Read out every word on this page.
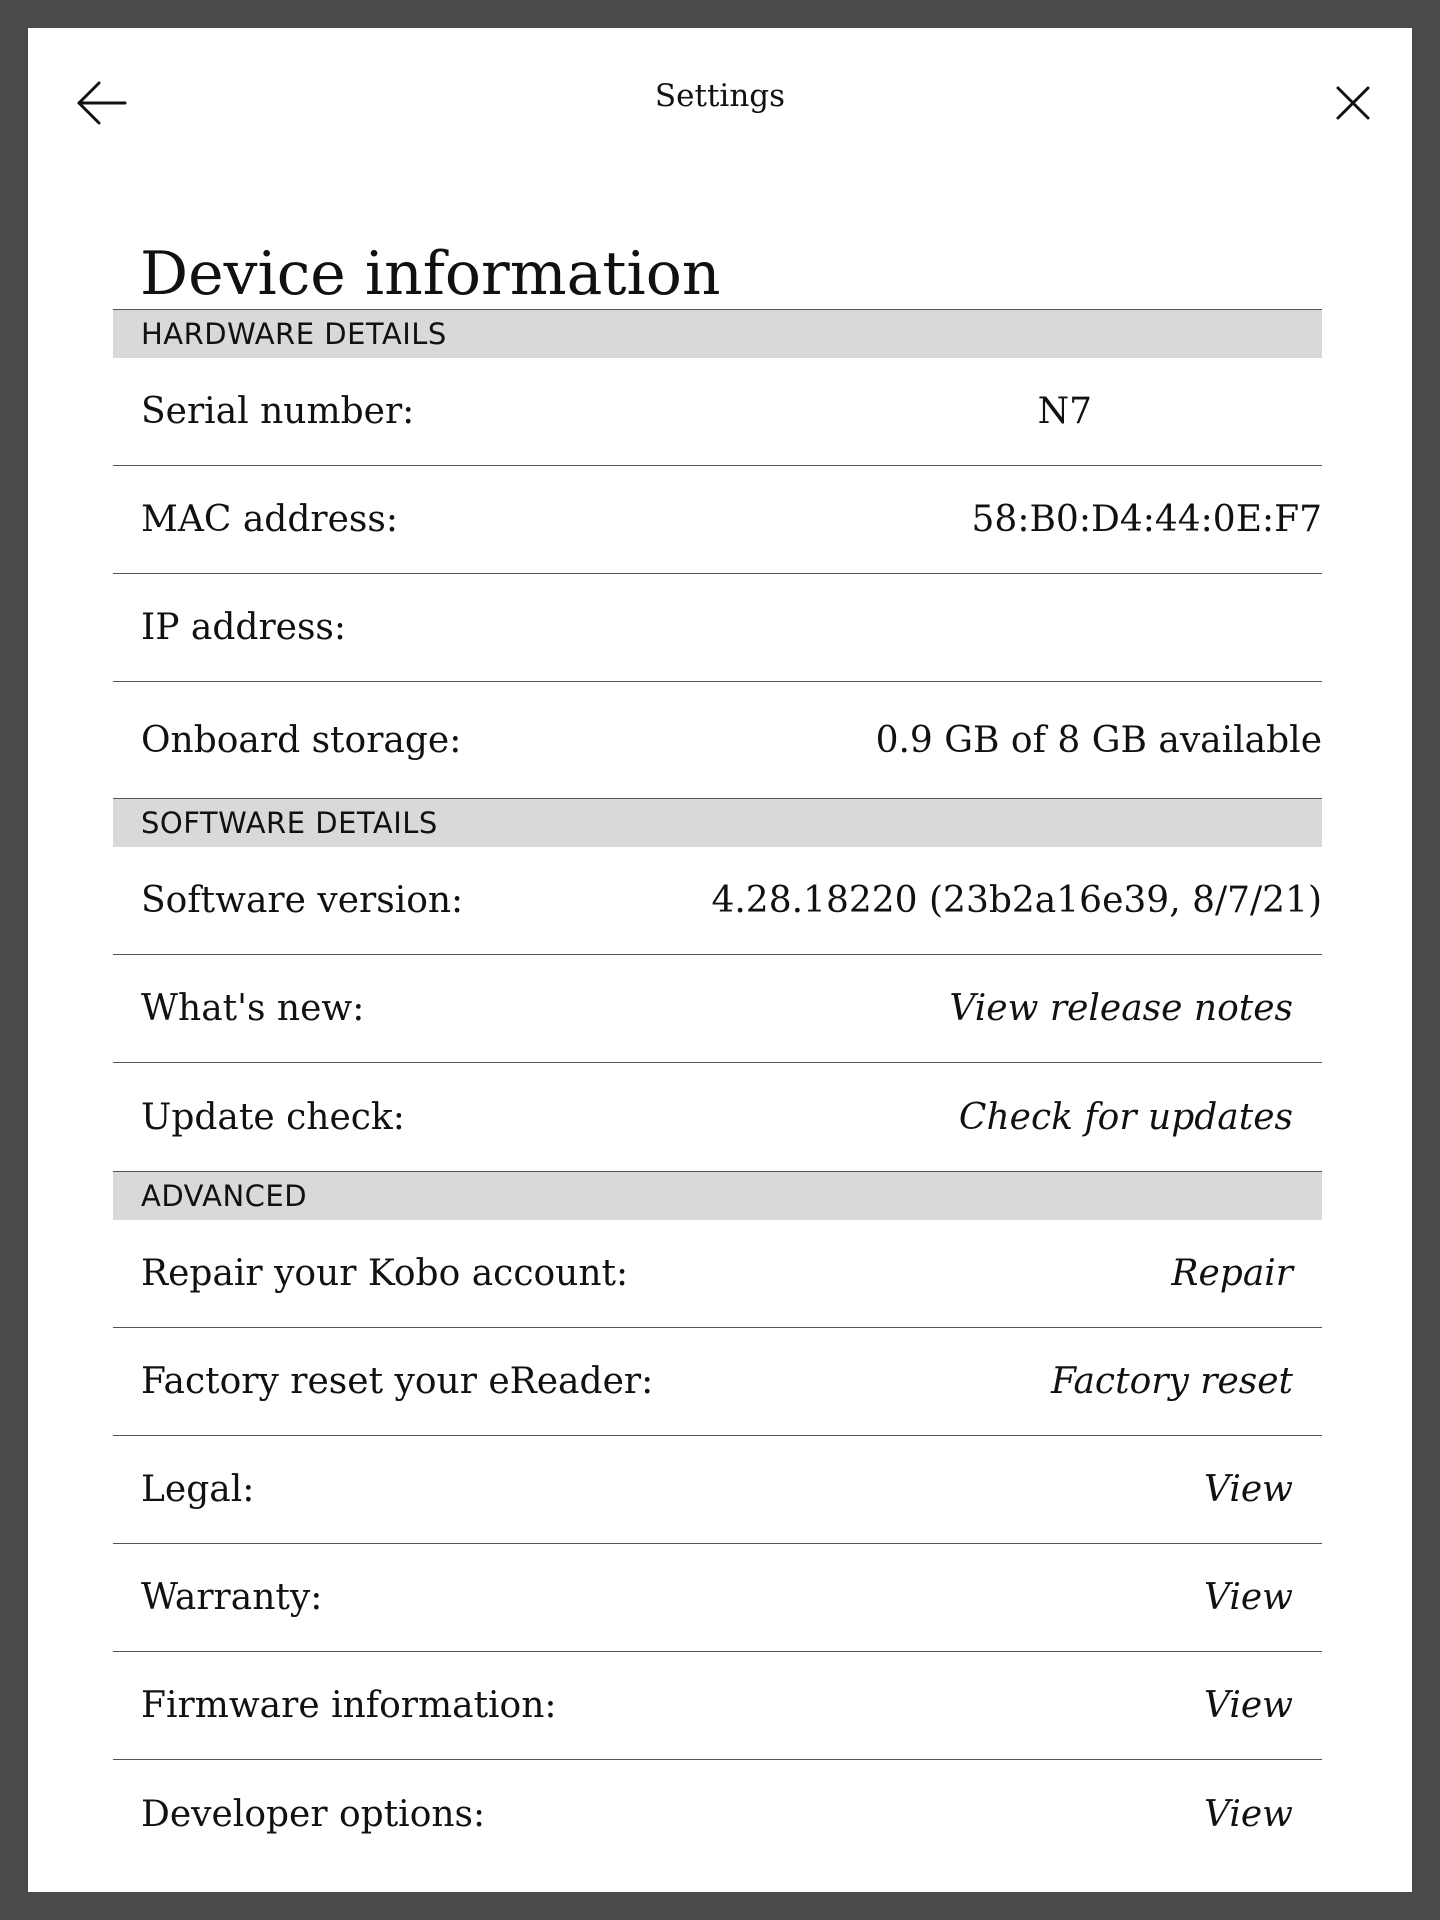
Settings
Device information
HARDWARE DETAILS
Serial number:	N7
MAC address:	58:B0:D4:44:0E:F7
IP address:
Onboard storage:	0.9 GB of 8 GB available
SOFTWARE DETAILS
Software version:	4.28.18220 (23b2a16e39, 8/7/21)
What's new:	View release notes
Update check:	Check for updates
ADVANCED
Repair your Kobo account:	Repair
Factory reset your eReader:	Factory reset
Legal:	View
Warranty:	View
Firmware information:	View
Developer options:	View
